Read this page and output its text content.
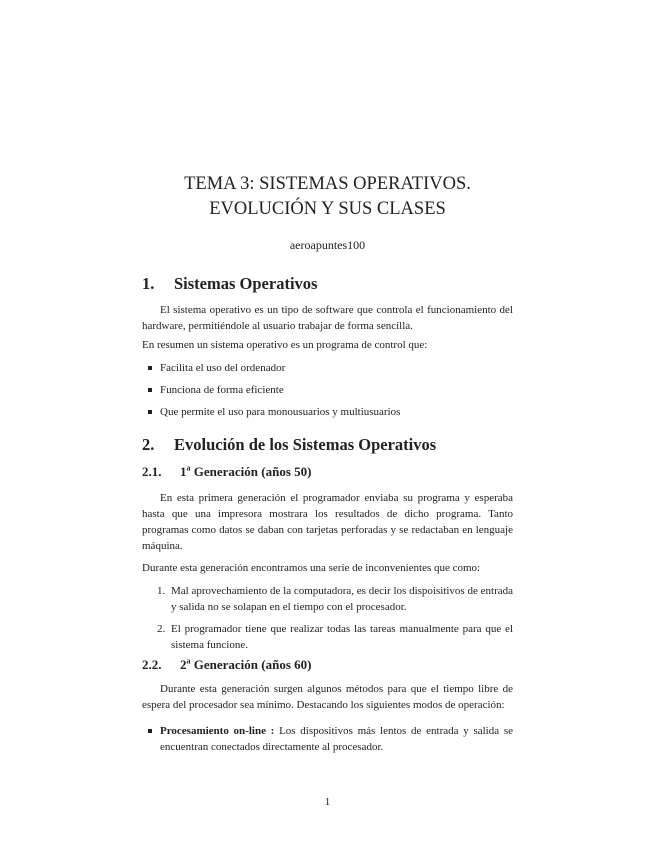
TEMA 3: SISTEMAS OPERATIVOS.
EVOLUCIÓN Y SUS CLASES
aeroapuntes100
1. Sistemas Operativos
El sistema operativo es un tipo de software que controla el funcionamiento del hardware, permitiéndole al usuario trabajar de forma sencilla.
En resumen un sistema operativo es un programa de control que:
Facilita el uso del ordenador
Funciona de forma eficiente
Que permite el uso para monousuarios y multiusuarios
2. Evolución de los Sistemas Operativos
2.1. 1$^a$ Generación (años 50)
En esta primera generación el programador enviaba su programa y esperaba hasta que una impresora mostrara los resultados de dicho programa. Tanto programas como datos se daban con tarjetas perforadas y se redactaban en lenguaje máquina.
Durante esta generación encontramos una serie de inconvenientes que como:
1. Mal aprovechamiento de la computadora, es decir los dispoisitivos de entrada y salida no se solapan en el tiempo con el procesador.
2. El programador tiene que realizar todas las tareas manualmente para que el sistema funcione.
2.2. 2$^a$ Generación (años 60)
Durante esta generación surgen algunos métodos para que el tiempo libre de espera del procesador sea mínimo. Destacando los siguientes modos de operación:
Procesamiento on-line : Los dispositivos más lentos de entrada y salida se encuentran conectados directamente al procesador.
1
